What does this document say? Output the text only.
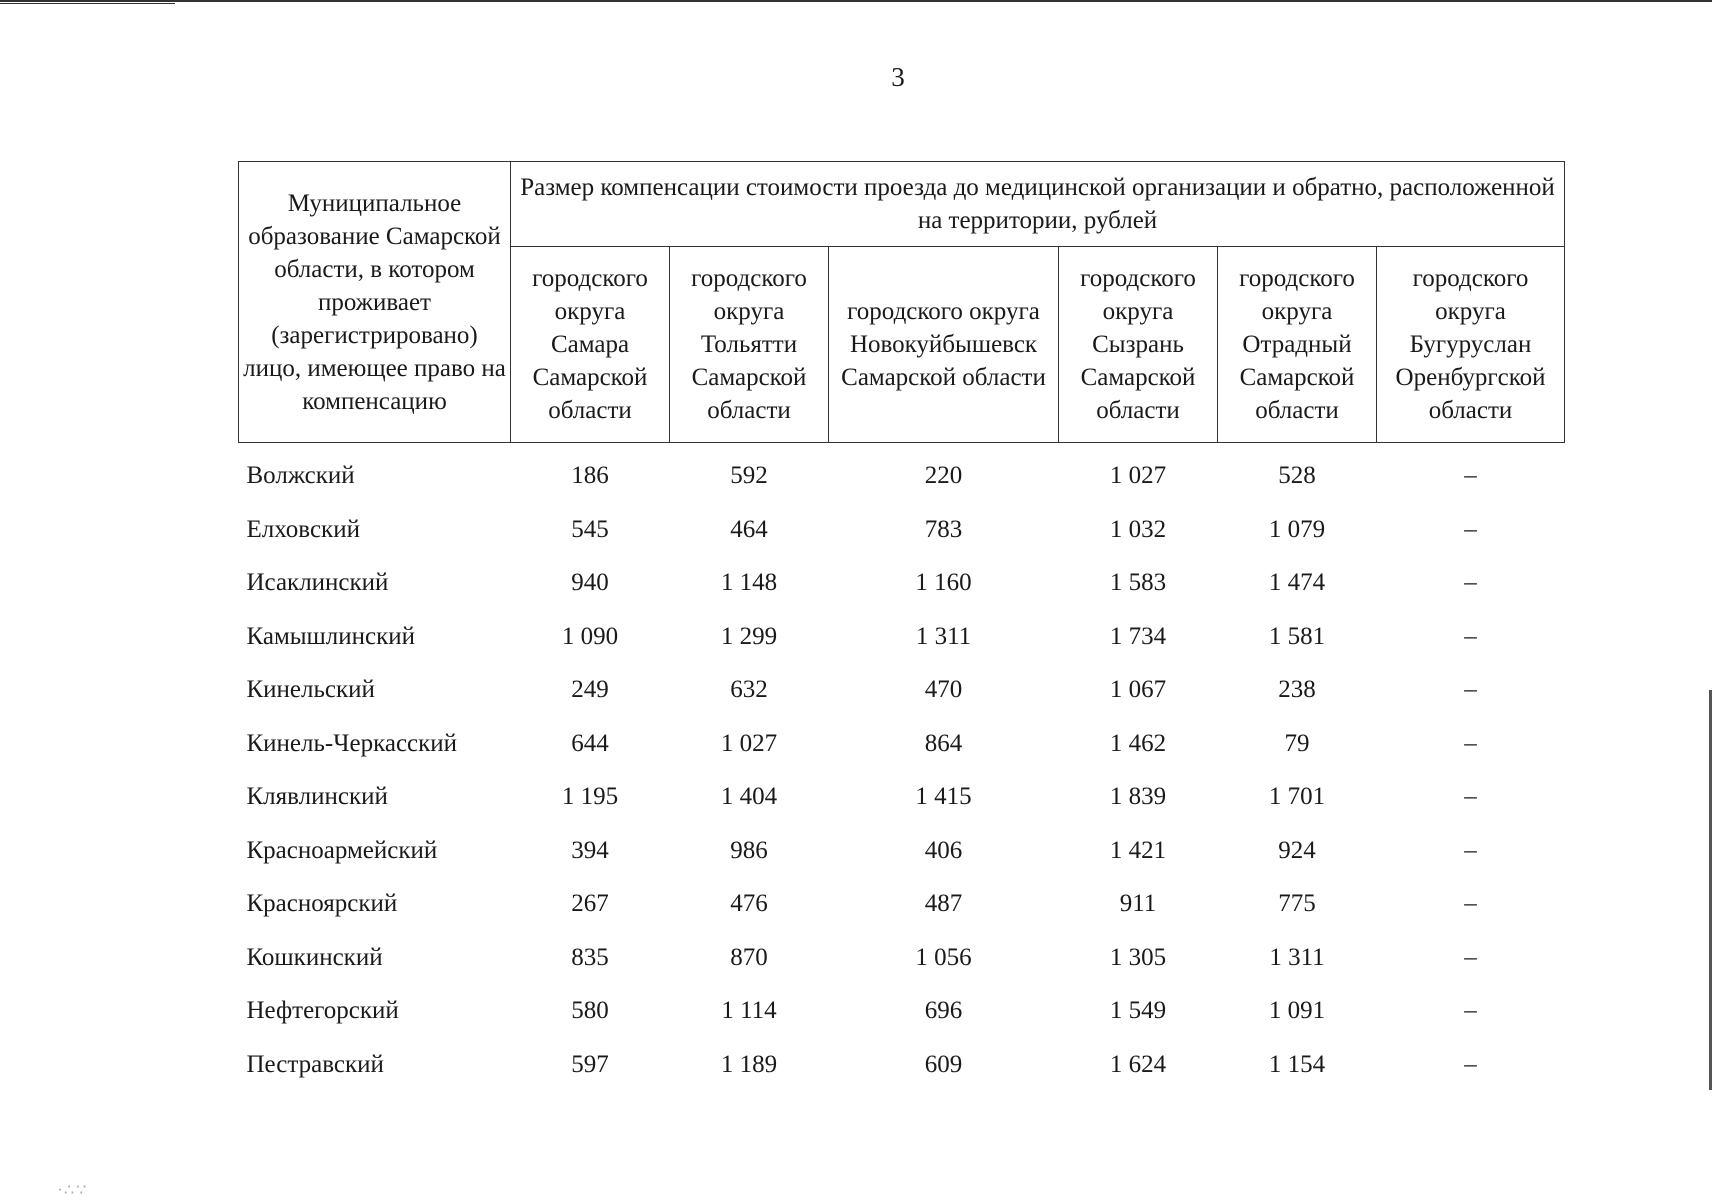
3
Муниципальное образование Самарской области, в котором проживает (зарегистрировано) лицо, имеющее право на компенсацию	Размер компенсации стоимости проезда до медицинской организации и обратно, расположенной на территории, рублей					
	городского округа Самара Самарской области	городского округа Тольятти Самарской области	городского округа Новокуйбышевск Самарской области	городского округа Сызрань Самарской области	городского округа Отрадный Самарской области	городского округа Бугуруслан Оренбургской области
Волжский	186	592	220	1 027	528	–
Елховский	545	464	783	1 032	1 079	–
Исаклинский	940	1 148	1 160	1 583	1 474	–
Камышлинский	1 090	1 299	1 311	1 734	1 581	–
Кинельский	249	632	470	1 067	238	–
Кинель-Черкасский	644	1 027	864	1 462	79	–
Клявлинский	1 195	1 404	1 415	1 839	1 701	–
Красноармейский	394	986	406	1 421	924	–
Красноярский	267	476	487	911	775	–
Кошкинский	835	870	1 056	1 305	1 311	–
Нефтегорский	580	1 114	696	1 549	1 091	–
Пестравский	597	1 189	609	1 624	1 154	–
∙∴∵
